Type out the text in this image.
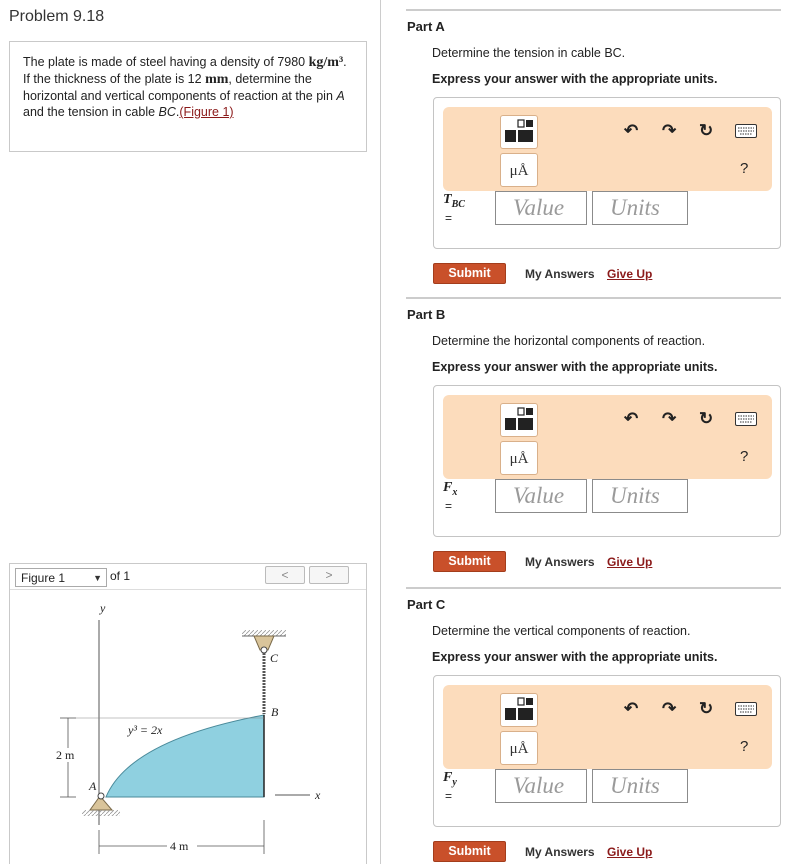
Problem 9.18
The plate is made of steel having a density of 7980 kg/m³. If the thickness of the plate is 12 mm, determine the horizontal and vertical components of reaction at the pin A and the tension in cable BC.(Figure 1)
Figure 1	▼ of 1	<	>
y
x
C
B
A
y³ = 2x
2 m
4 m
Part A
Determine the tension in cable BC.
Express your answer with the appropriate units.
μÅ
↶ ↷ ↻
?
$T_{BC}$
=	Value	Units
Submit	My Answers Give Up
Part B
Determine the horizontal components of reaction.
Express your answer with the appropriate units.
μÅ
↶ ↷ ↻
?
$F_x$
=	Value	Units
Submit	My Answers Give Up
Part C
Determine the vertical components of reaction.
Express your answer with the appropriate units.
μÅ
↶ ↷ ↻
?
$F_y$
=	Value	Units
Submit	My Answers Give Up
